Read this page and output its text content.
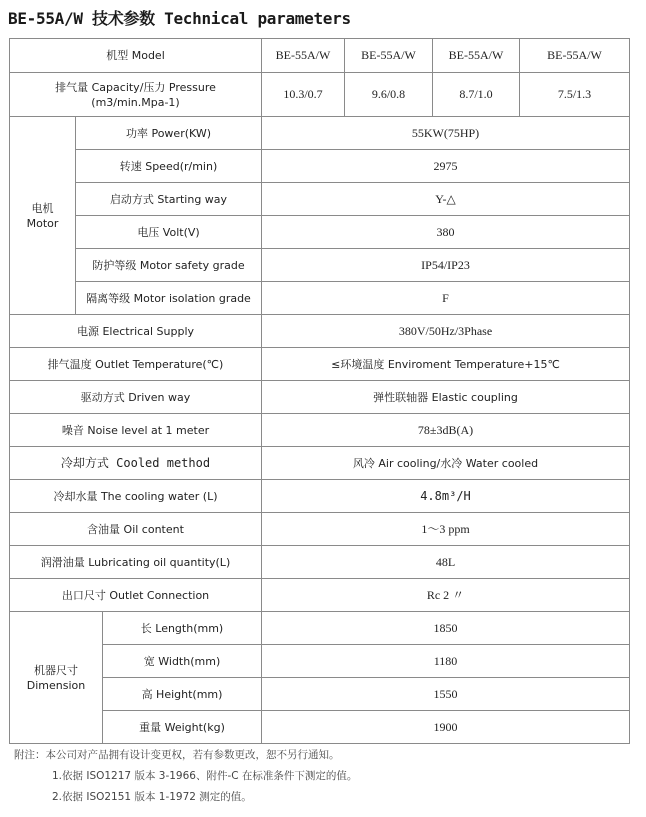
BE-55A/W 技术参数 Technical parameters
机型 Model			BE-55A/W	BE-55A/W	BE-55A/W	BE-55A/W

排气量 Capacity/压力 Pressure
(m3/min.Mpa-1)			10.3/0.7	9.6/0.8	8.7/1.0	7.5/1.3

电机
Motor	功率 Power(KW)		55KW(75HP)			
	转速 Speed(r/min)		2975			
	启动方式 Starting way		Y-△			
	电压 Volt(V)		380			
	防护等级 Motor safety grade		IP54/IP23			
	隔离等级 Motor isolation grade		F			
电源 Electrical Supply			380V/50Hz/3Phase			
排气温度 Outlet Temperature(℃)			≤环境温度 Enviroment Temperature+15℃			
驱动方式 Driven way			弹性联轴器 Elastic coupling			
噪音 Noise level at 1 meter			78±3dB(A)			
冷却方式 Cooled method			风冷 Air cooling/水冷 Water cooled			
冷却水量 The cooling water (L)			4.8m³/H			
含油量 Oil content			1～3 ppm			
润滑油量 Lubricating oil quantity(L)			48L			
出口尺寸 Outlet Connection			Rc 2 〃			

机器尺寸
Dimension		长 Length(mm)	1850			
		宽 Width(mm)	1180			
		高 Height(mm)	1550			
		重量 Weight(kg)	1900			
附注：本公司对产品拥有设计变更权，若有参数更改，恕不另行通知。
1.依据 ISO1217 版本 3-1966、附件-C 在标准条件下测定的值。
2.依据 ISO2151 版本 1-1972 测定的值。
